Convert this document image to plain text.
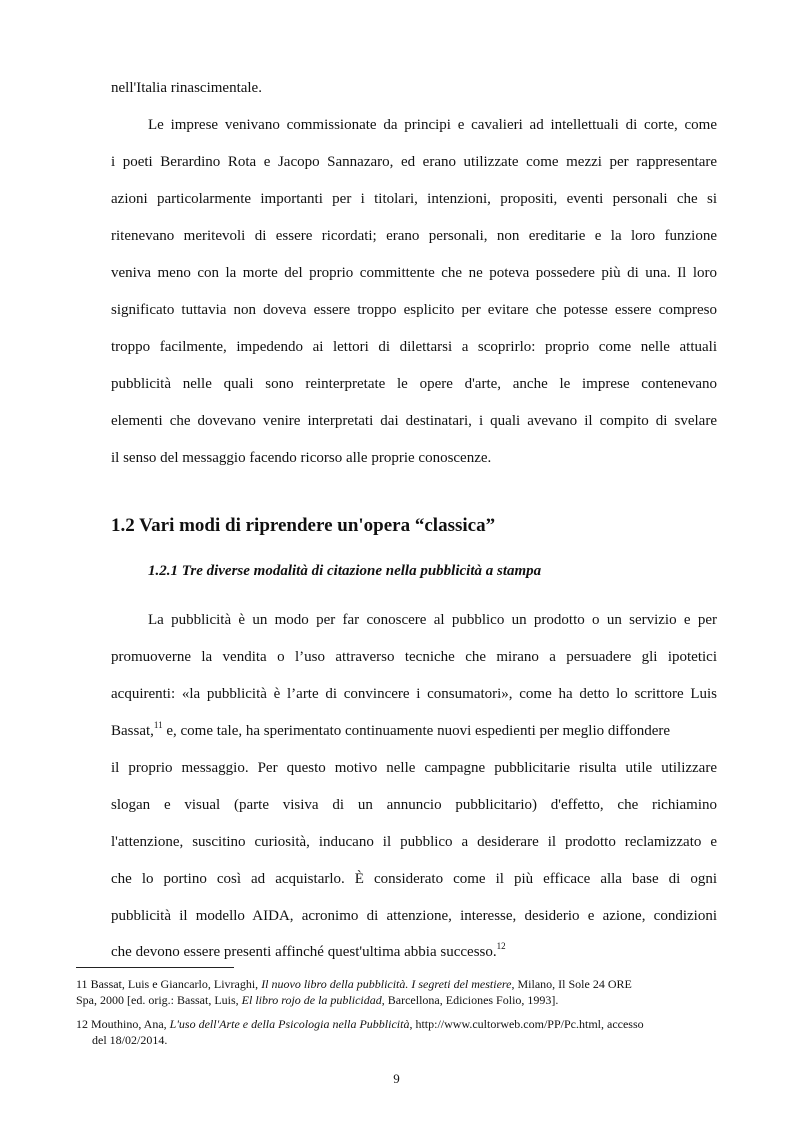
nell'Italia rinascimentale.

Le imprese venivano commissionate da principi e cavalieri ad intellettuali di corte, come

i poeti Berardino Rota e Jacopo Sannazaro, ed erano utilizzate come mezzi per rappresentare

azioni particolarmente importanti per i titolari, intenzioni, propositi, eventi personali che si

ritenevano meritevoli di essere ricordati; erano personali, non ereditarie e la loro funzione

veniva meno con la morte del proprio committente che ne poteva possedere più di una. Il loro

significato tuttavia non doveva essere troppo esplicito per evitare che potesse essere compreso

troppo facilmente, impedendo ai lettori di dilettarsi a scoprirlo: proprio come nelle attuali

pubblicità nelle quali sono reinterpretate le opere d'arte, anche le imprese contenevano

elementi che dovevano venire interpretati dai destinatari, i quali avevano il compito di svelare

il senso del messaggio facendo ricorso alle proprie conoscenze.

1.2 Vari modi di riprendere un'opera “classica”
1.2.1 Tre diverse modalità di citazione nella pubblicità a stampa

La pubblicità è un modo per far conoscere al pubblico un prodotto o un servizio e per

promuoverne la vendita o l’uso attraverso tecniche che mirano a persuadere gli ipotetici

acquirenti: «la pubblicità è l’arte di convincere i consumatori», come ha detto lo scrittore Luis

Bassat,$^{11}$ e, come tale, ha sperimentato continuamente nuovi espedienti per meglio diffondere

il proprio messaggio. Per questo motivo nelle campagne pubblicitarie risulta utile utilizzare

slogan e visual (parte visiva di un annuncio pubblicitario) d'effetto, che richiamino

l'attenzione, suscitino curiosità, inducano il pubblico a desiderare il prodotto reclamizzato e

che lo portino così ad acquistarlo. È considerato come il più efficace alla base di ogni

pubblicità il modello AIDA, acronimo di attenzione, interesse, desiderio e azione, condizioni

che devono essere presenti affinché quest'ultima abbia successo.$^{12}$

11 Bassat, Luis e Giancarlo, Livraghi, Il nuovo libro della pubblicità. I segreti del mestiere, Milano, Il Sole 24 ORE

Spa, 2000 [ed. orig.: Bassat, Luis, El libro rojo de la publicidad, Barcellona, Ediciones Folio, 1993].

12 Mouthino, Ana, L'uso dell'Arte e della Psicologia nella Pubblicità, http://www.cultorweb.com/PP/Pc.html, accesso

del 18/02/2014.

9
